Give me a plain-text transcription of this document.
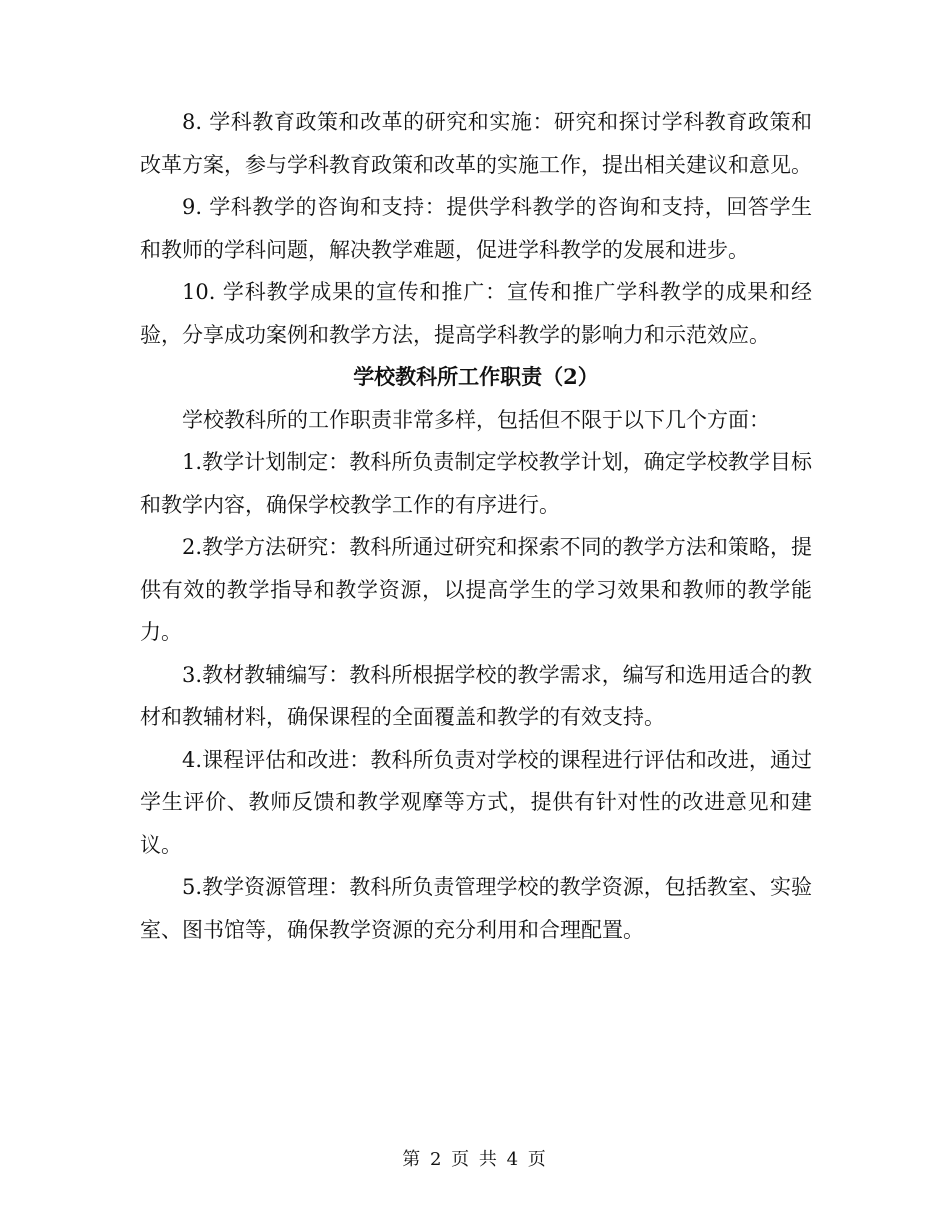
8. 学科教育政策和改革的研究和实施：研究和探讨学科教育政策和改革方案，参与学科教育政策和改革的实施工作，提出相关建议和意见。

9. 学科教学的咨询和支持：提供学科教学的咨询和支持，回答学生和教师的学科问题，解决教学难题，促进学科教学的发展和进步。

10. 学科教学成果的宣传和推广：宣传和推广学科教学的成果和经验，分享成功案例和教学方法，提高学科教学的影响力和示范效应。

学校教科所工作职责（2）

学校教科所的工作职责非常多样，包括但不限于以下几个方面：

1.教学计划制定：教科所负责制定学校教学计划，确定学校教学目标和教学内容，确保学校教学工作的有序进行。

2.教学方法研究：教科所通过研究和探索不同的教学方法和策略，提供有效的教学指导和教学资源，以提高学生的学习效果和教师的教学能力。

3.教材教辅编写：教科所根据学校的教学需求，编写和选用适合的教材和教辅材料，确保课程的全面覆盖和教学的有效支持。

4.课程评估和改进：教科所负责对学校的课程进行评估和改进，通过学生评价、教师反馈和教学观摩等方式，提供有针对性的改进意见和建议。

5.教学资源管理：教科所负责管理学校的教学资源，包括教室、实验室、图书馆等，确保教学资源的充分利用和合理配置。

第 2 页 共 4 页
